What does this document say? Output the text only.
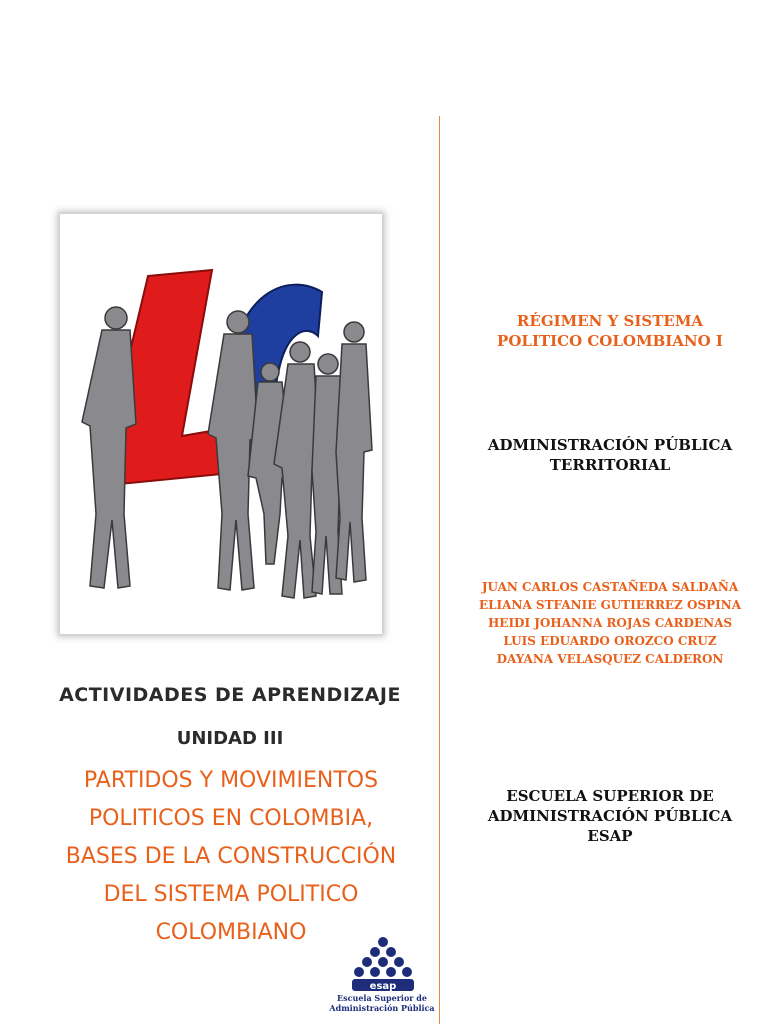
ACTIVIDADES DE APRENDIZAJE
UNIDAD III
PARTIDOS Y MOVIMIENTOS
POLITICOS EN COLOMBIA,
BASES DE LA CONSTRUCCIÓN
DEL SISTEMA POLITICO
COLOMBIANO
RÉGIMEN Y SISTEMA
POLITICO COLOMBIANO I
ADMINISTRACIÓN PÚBLICA
TERRITORIAL
JUAN CARLOS CASTAÑEDA SALDAÑA
ELIANA STFANIE GUTIERREZ OSPINA
HEIDI JOHANNA ROJAS CARDENAS
LUIS EDUARDO OROZCO CRUZ
DAYANA VELASQUEZ CALDERON
ESCUELA SUPERIOR DE
ADMINISTRACIÓN PÚBLICA
ESAP
esap
Escuela Superior de
Administración Pública
